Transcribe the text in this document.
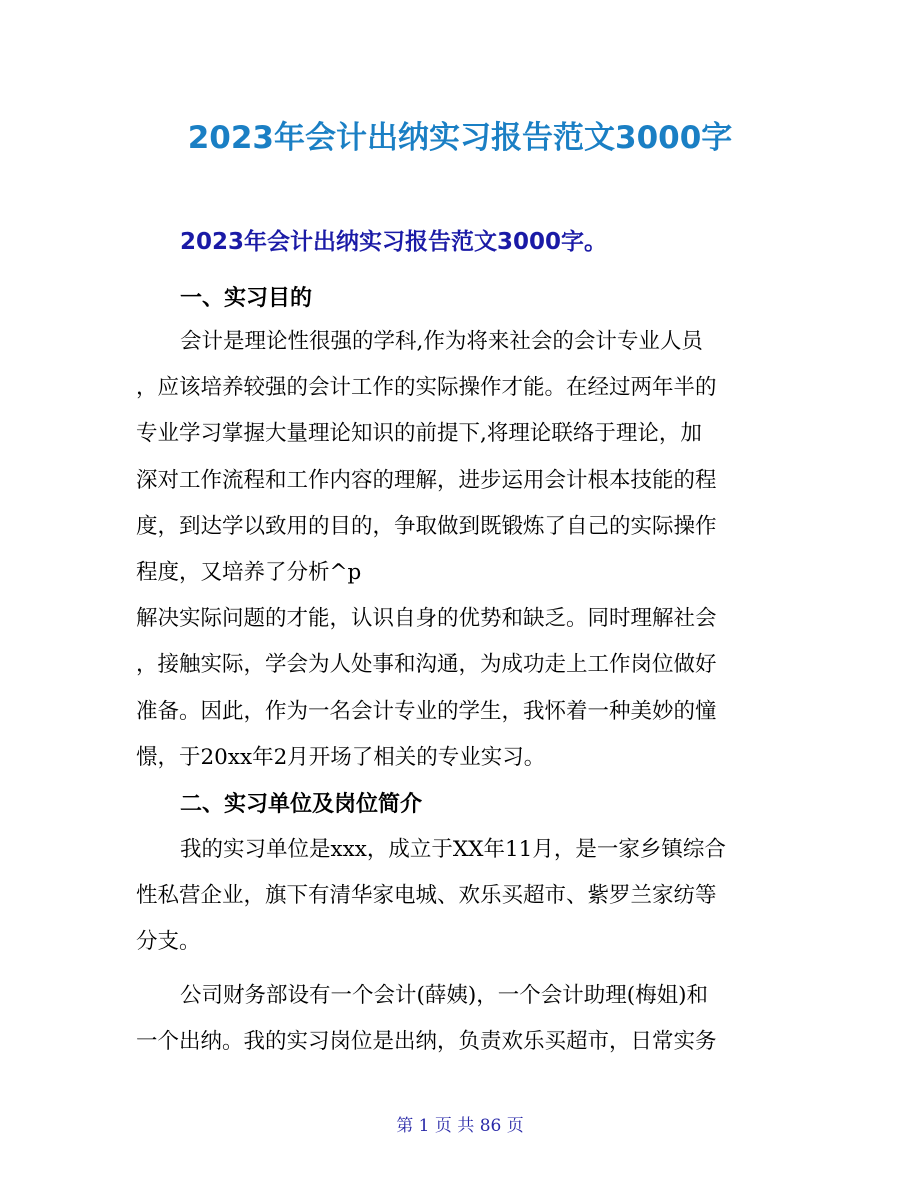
2023年会计出纳实习报告范文3000字
2023年会计出纳实习报告范文3000字。
一、实习目的

会计是理论性很强的学科,作为将来社会的会计专业人员

，应该培养较强的会计工作的实际操作才能。在经过两年半的

专业学习掌握大量理论知识的前提下,将理论联络于理论，加

深对工作流程和工作内容的理解，进步运用会计根本技能的程

度，到达学以致用的目的，争取做到既锻炼了自己的实际操作

程度，又培养了分析^p

解决实际问题的才能，认识自身的优势和缺乏。同时理解社会

，接触实际，学会为人处事和沟通，为成功走上工作岗位做好

准备。因此，作为一名会计专业的学生，我怀着一种美妙的憧

憬，于20xx年2月开场了相关的专业实习。

二、实习单位及岗位简介

我的实习单位是xxx，成立于XX年11月，是一家乡镇综合

性私营企业，旗下有清华家电城、欢乐买超市、紫罗兰家纺等

分支。

公司财务部设有一个会计(薛姨)，一个会计助理(梅姐)和

一个出纳。我的实习岗位是出纳，负责欢乐买超市，日常实务

第 1 页 共 86 页
